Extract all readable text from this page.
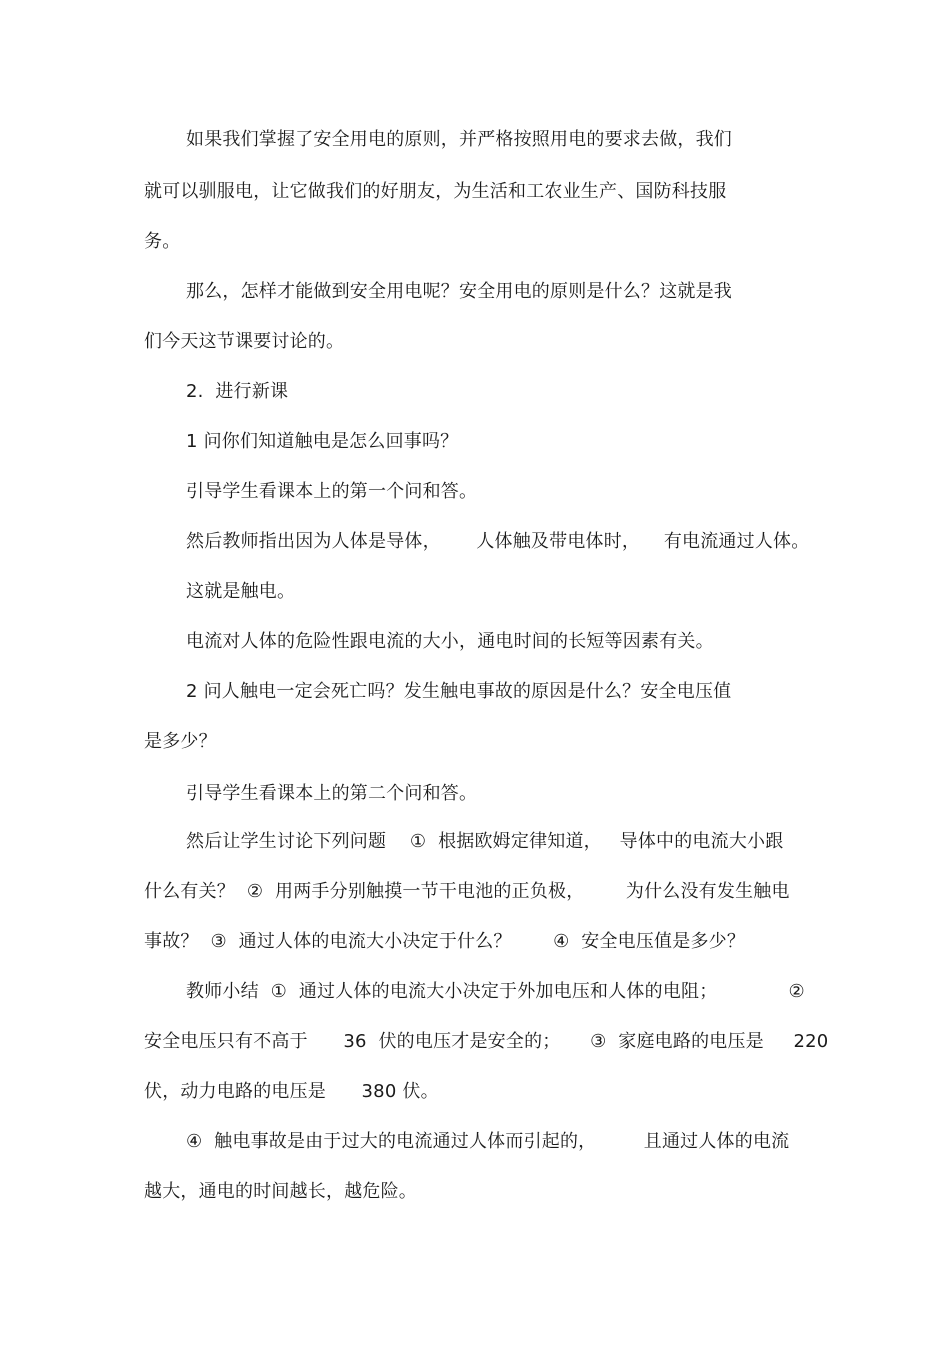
如果我们掌握了安全用电的原则，并严格按照用电的要求去做，我们
就可以驯服电，让它做我们的好朋友，为生活和工农业生产、国防科技服
务。
那么，怎样才能做到安全用电呢？安全用电的原则是什么？这就是我
们今天这节课要讨论的。
2.  进行新课
1 问你们知道触电是怎么回事吗？
引导学生看课本上的第一个问和答。
然后教师指出因为人体是导体，      人体触及带电体时，    有电流通过人体。
这就是触电。
电流对人体的危险性跟电流的大小，通电时间的长短等因素有关。
2 问人触电一定会死亡吗？发生触电事故的原因是什么？安全电压值
是多少？
引导学生看课本上的第二个问和答。
然后让学生讨论下列问题    ①  根据欧姆定律知道，   导体中的电流大小跟
什么有关？  ②  用两手分别触摸一节干电池的正负极，       为什么没有发生触电
事故？  ③  通过人体的电流大小决定于什么？       ④  安全电压值是多少？
教师小结  ①  通过人体的电流大小决定于外加电压和人体的电阻；            ②
安全电压只有不高于      36  伏的电压才是安全的；     ③  家庭电路的电压是     220
伏，动力电路的电压是      380 伏。
④  触电事故是由于过大的电流通过人体而引起的，        且通过人体的电流
越大，通电的时间越长，越危险。
